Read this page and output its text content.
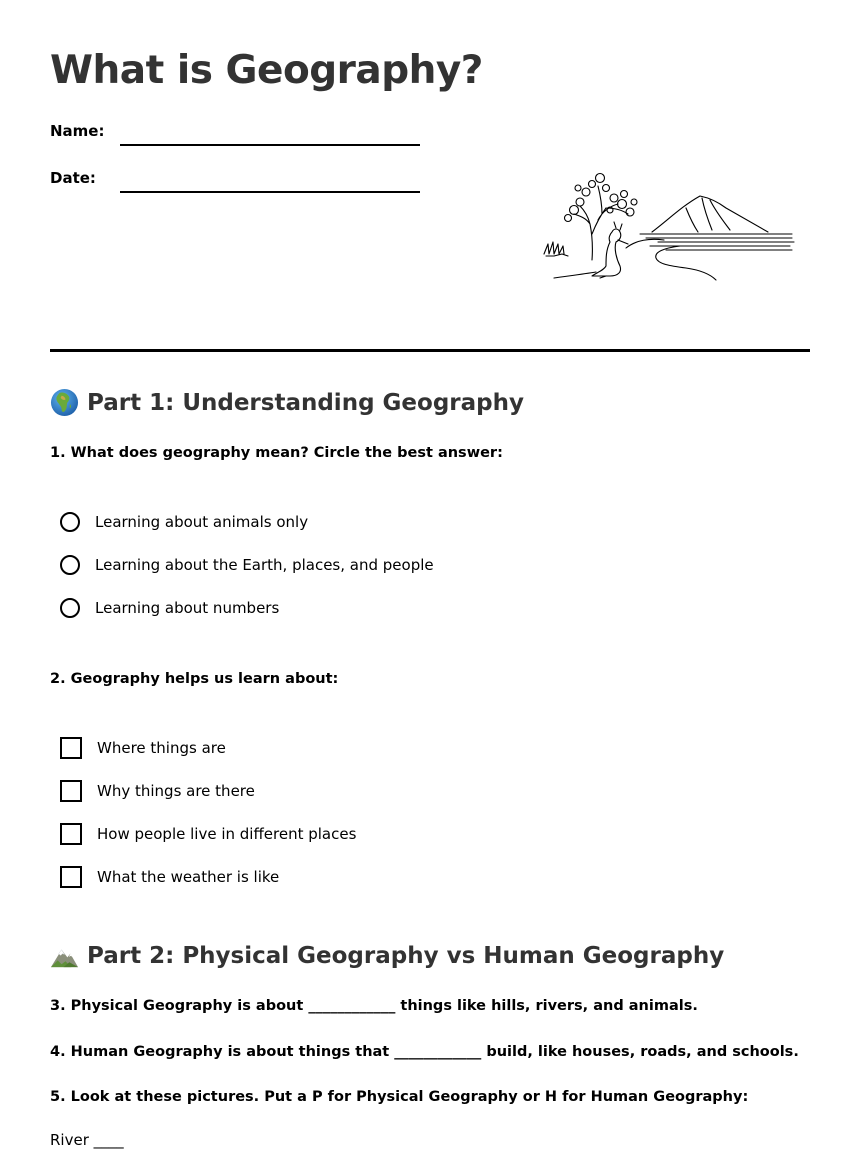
What is Geography?
Name:
Date:
Part 1: Understanding Geography
1. What does geography mean? Circle the best answer:
Learning about animals only
Learning about the Earth, places, and people
Learning about numbers
2. Geography helps us learn about:
Where things are
Why things are there
How people live in different places
What the weather is like
Part 2: Physical Geography vs Human Geography
3. Physical Geography is about ____________ things like hills, rivers, and animals.
4. Human Geography is about things that ____________ build, like houses, roads, and schools.
5. Look at these pictures. Put a P for Physical Geography or H for Human Geography:
River ____
